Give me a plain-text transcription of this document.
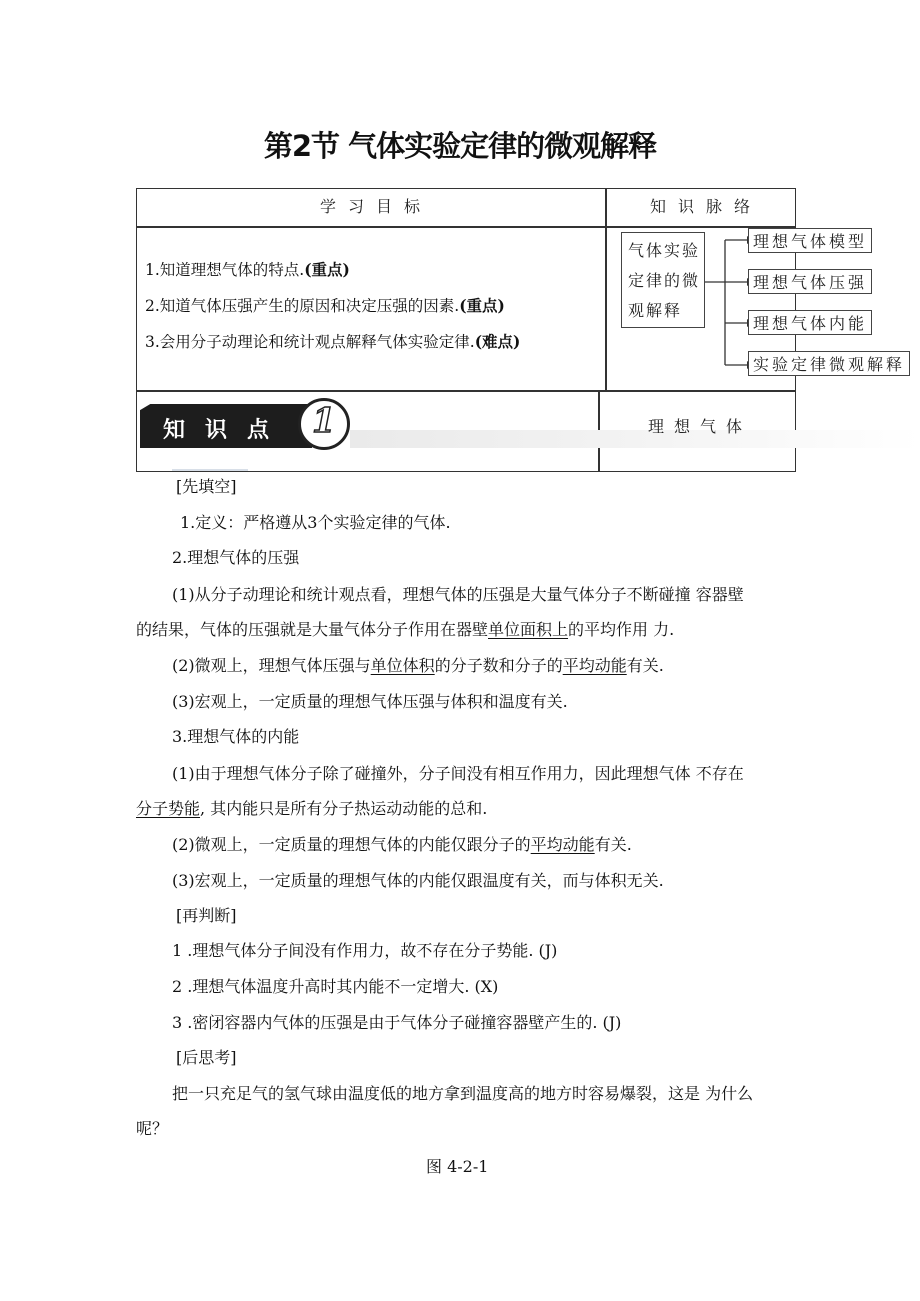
第2节 气体实验定律的微观解释
学习目标	知识脉络
1.知道理想气体的特点.(重点)
2.知道气体压强产生的原因和决定压强的因素.(重点)
3.会用分子动理论和统计观点解释气体实验定律.(难点)
气体实验
定律的微
观解释
理想气体模型
理想气体压强
理想气体内能
实验定律微观解释
知识点 1	理想气体
[先填空]
1.定义：严格遵从3个实验定律的气体.
2.理想气体的压强
(1)从分子动理论和统计观点看，理想气体的压强是大量气体分子不断碰撞 容器壁
的结果，气体的压强就是大量气体分子作用在器壁单位面积上的平均作用 力.
(2)微观上，理想气体压强与单位体积的分子数和分子的平均动能有关.
(3)宏观上，一定质量的理想气体压强与体积和温度有关.
3.理想气体的内能
(1)由于理想气体分子除了碰撞外，分子间没有相互作用力，因此理想气体 不存在
分子势能, 其内能只是所有分子热运动动能的总和.
(2)微观上，一定质量的理想气体的内能仅跟分子的平均动能有关.
(3)宏观上，一定质量的理想气体的内能仅跟温度有关，而与体积无关.
[再判断]
1 .理想气体分子间没有作用力，故不存在分子势能. (J)
2 .理想气体温度升高时其内能不一定增大. (X)
3 .密闭容器内气体的压强是由于气体分子碰撞容器壁产生的. (J)
[后思考]
把一只充足气的氢气球由温度低的地方拿到温度高的地方时容易爆裂，这是 为什么
呢？
图 4-2-1
